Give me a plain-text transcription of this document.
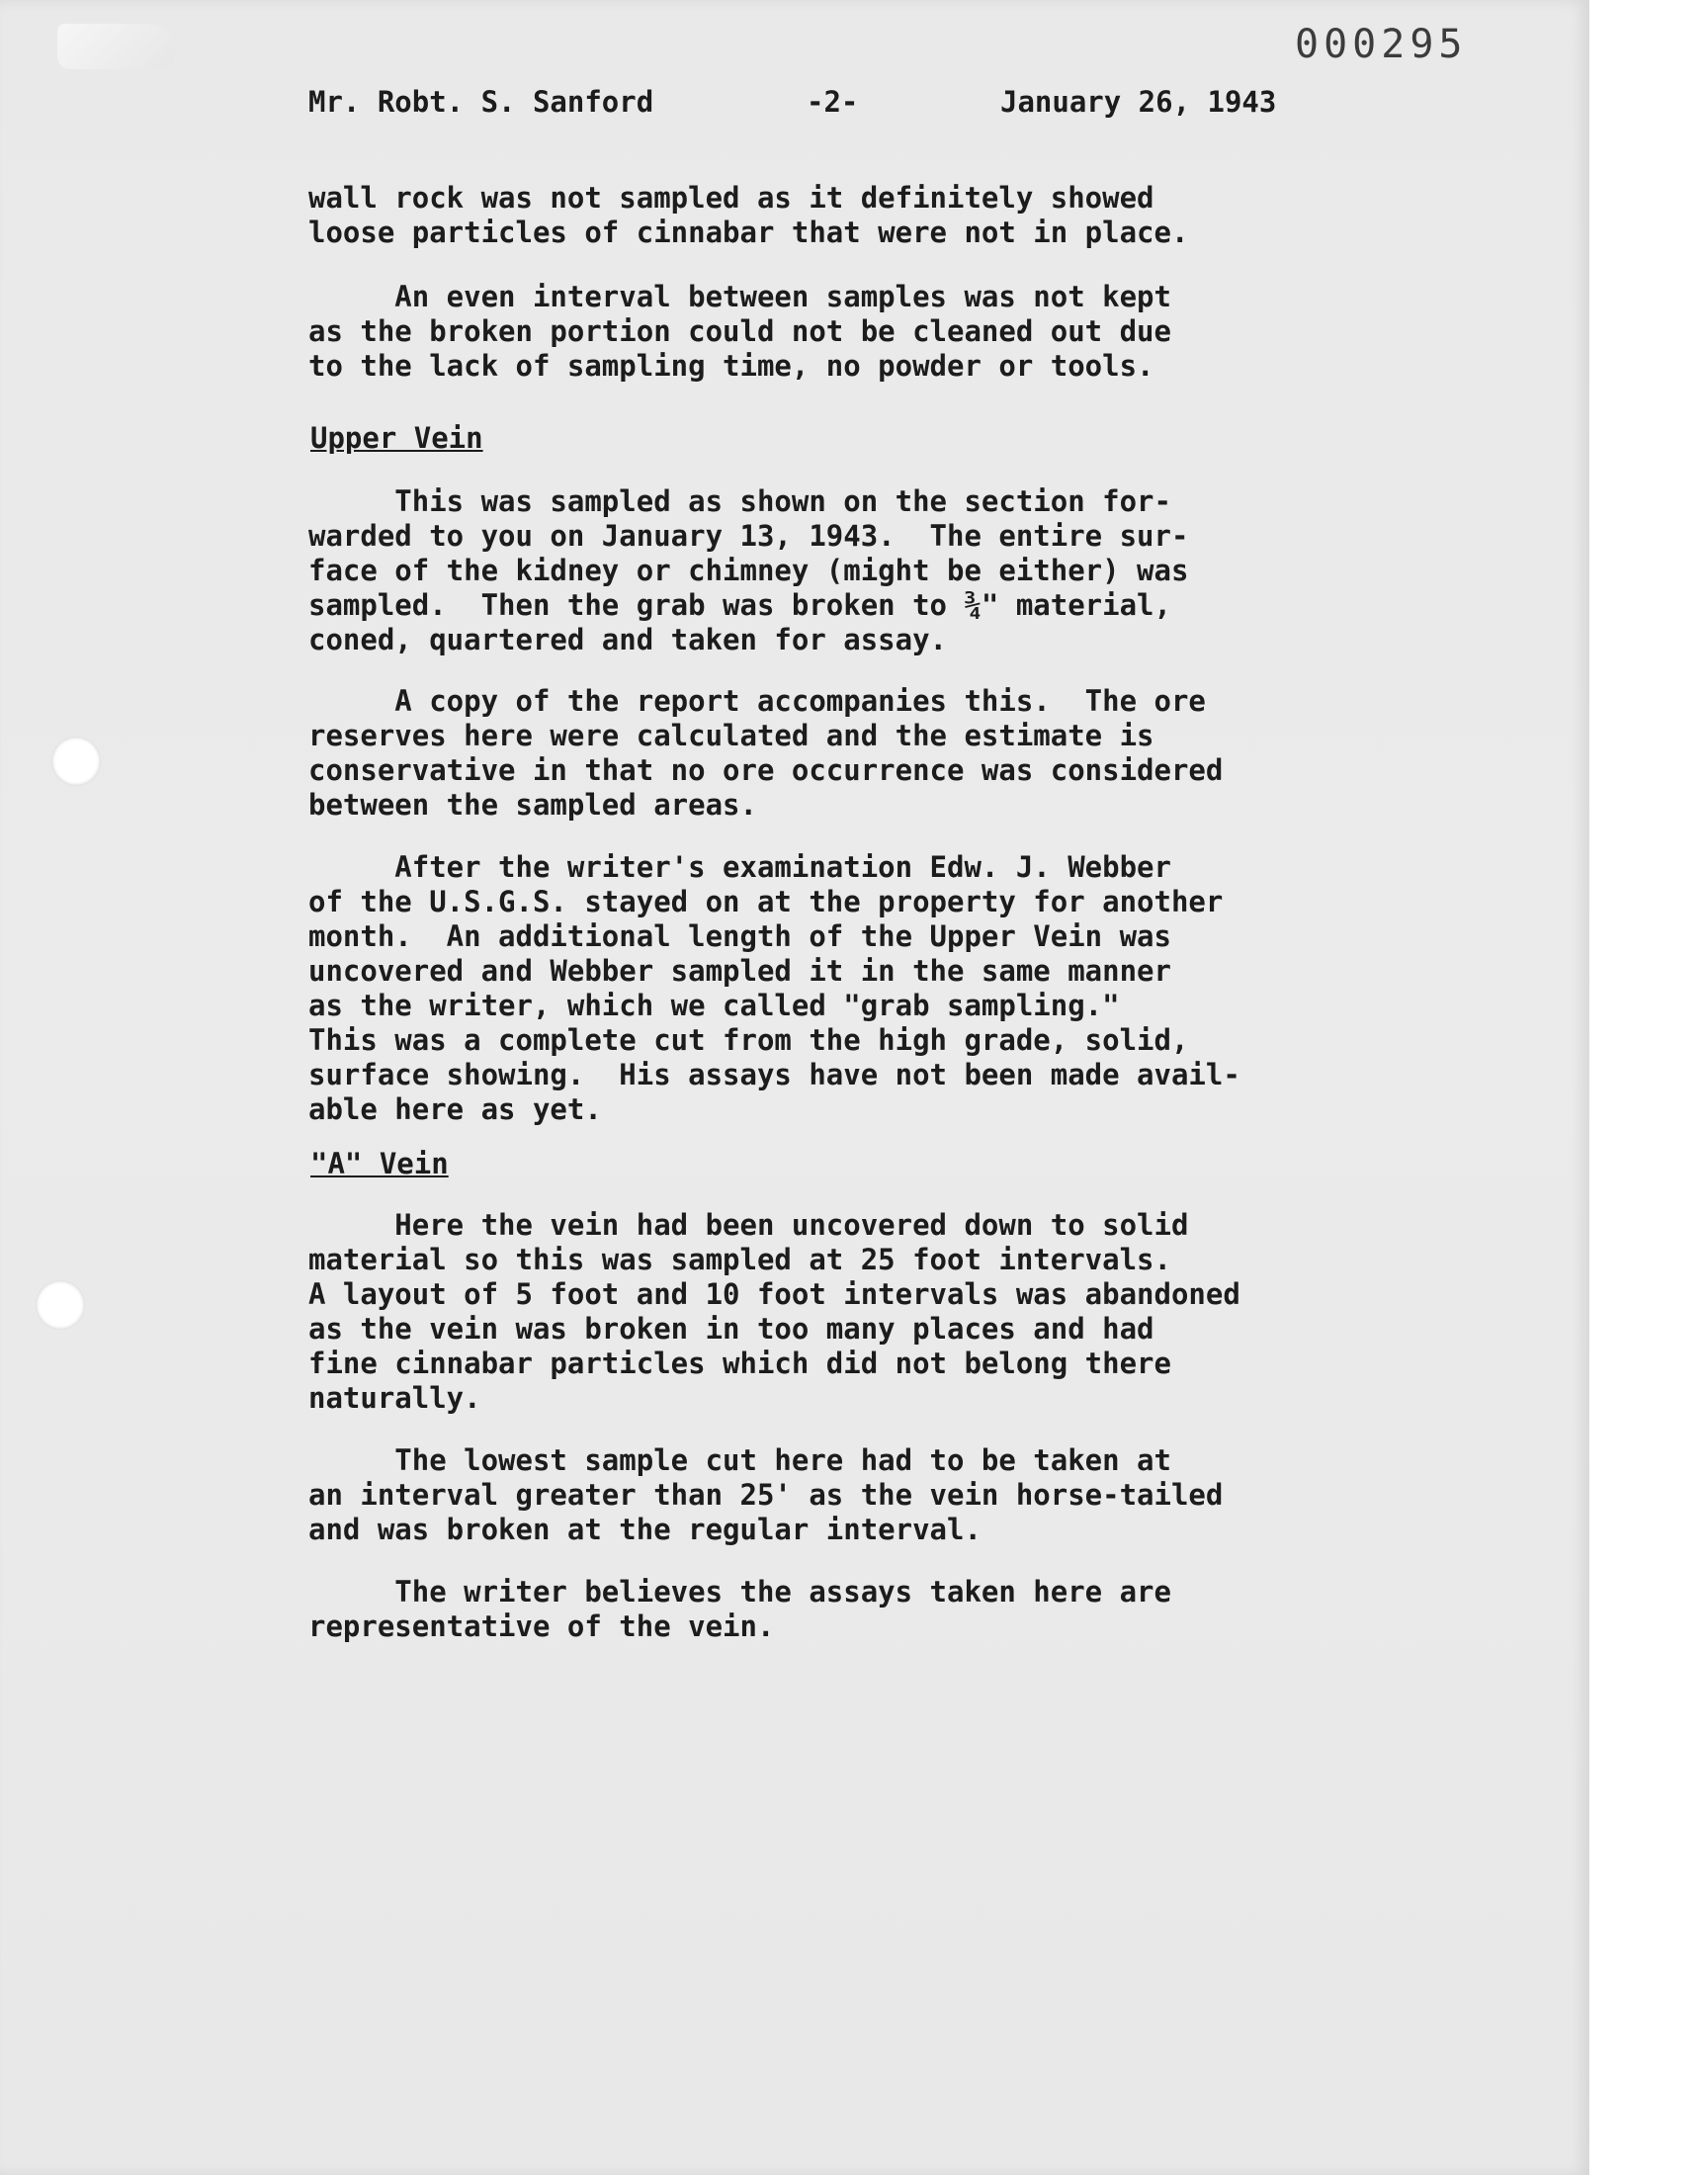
000295
Mr. Robt. S. Sanford	-2-	January 26, 1943
wall rock was not sampled as it definitely showed
loose particles of cinnabar that were not in place.
An even interval between samples was not kept
as the broken portion could not be cleaned out due
to the lack of sampling time, no powder or tools.
Upper Vein
This was sampled as shown on the section for-
warded to you on January 13, 1943.  The entire sur-
face of the kidney or chimney (might be either) was
sampled.  Then the grab was broken to ¾" material,
coned, quartered and taken for assay.
A copy of the report accompanies this.  The ore
reserves here were calculated and the estimate is
conservative in that no ore occurrence was considered
between the sampled areas.
After the writer's examination Edw. J. Webber
of the U.S.G.S. stayed on at the property for another
month.  An additional length of the Upper Vein was
uncovered and Webber sampled it in the same manner
as the writer, which we called "grab sampling."
This was a complete cut from the high grade, solid,
surface showing.  His assays have not been made avail-
able here as yet.
"A" Vein
Here the vein had been uncovered down to solid
material so this was sampled at 25 foot intervals.
A layout of 5 foot and 10 foot intervals was abandoned
as the vein was broken in too many places and had
fine cinnabar particles which did not belong there
naturally.
The lowest sample cut here had to be taken at
an interval greater than 25' as the vein horse-tailed
and was broken at the regular interval.
The writer believes the assays taken here are
representative of the vein.
